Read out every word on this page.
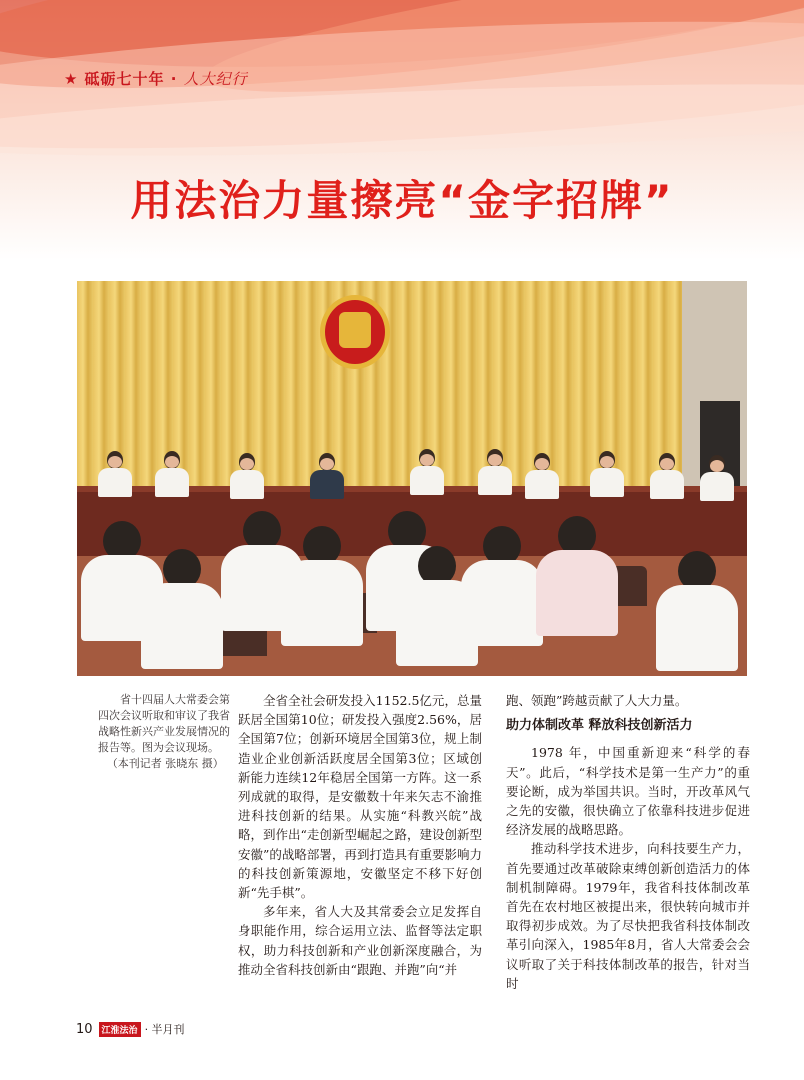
★ 砥砺七十年 · 人大纪行
用法治力量擦亮“金字招牌”

省十四届人大常委会第四次会议听取和审议了我省战略性新兴产业发展情况的报告等。图为会议现场。

（本刊记者 张晓东 摄）

全省全社会研发投入1152.5亿元，总量跃居全国第10位；研发投入强度2.56%，居全国第7位；创新环境居全国第3位，规上制造业企业创新活跃度居全国第3位；区域创新能力连续12年稳居全国第一方阵。这一系列成就的取得，是安徽数十年来矢志不渝推进科技创新的结果。从实施“科教兴皖”战略，到作出“走创新型崛起之路，建设创新型安徽”的战略部署，再到打造具有重要影响力的科技创新策源地，安徽坚定不移下好创新“先手棋”。

多年来，省人大及其常委会立足发挥自身职能作用，综合运用立法、监督等法定职权，助力科技创新和产业创新深度融合，为推动全省科技创新由“跟跑、并跑”向“并

跑、领跑”跨越贡献了人大力量。

助力体制改革 释放科技创新活力

1978 年，中国重新迎来“科学的春天”。此后，“科学技术是第一生产力”的重要论断，成为举国共识。当时，开改革风气之先的安徽，很快确立了依靠科技进步促进经济发展的战略思路。

推动科学技术进步，向科技要生产力，首先要通过改革破除束缚创新创造活力的体制机制障碍。1979年，我省科技体制改革首先在农村地区被提出来，很快转向城市并取得初步成效。为了尽快把我省科技体制改革引向深入，1985年8月，省人大常委会会议听取了关于科技体制改革的报告，针对当时

10	江淮法治 · 半月刊
